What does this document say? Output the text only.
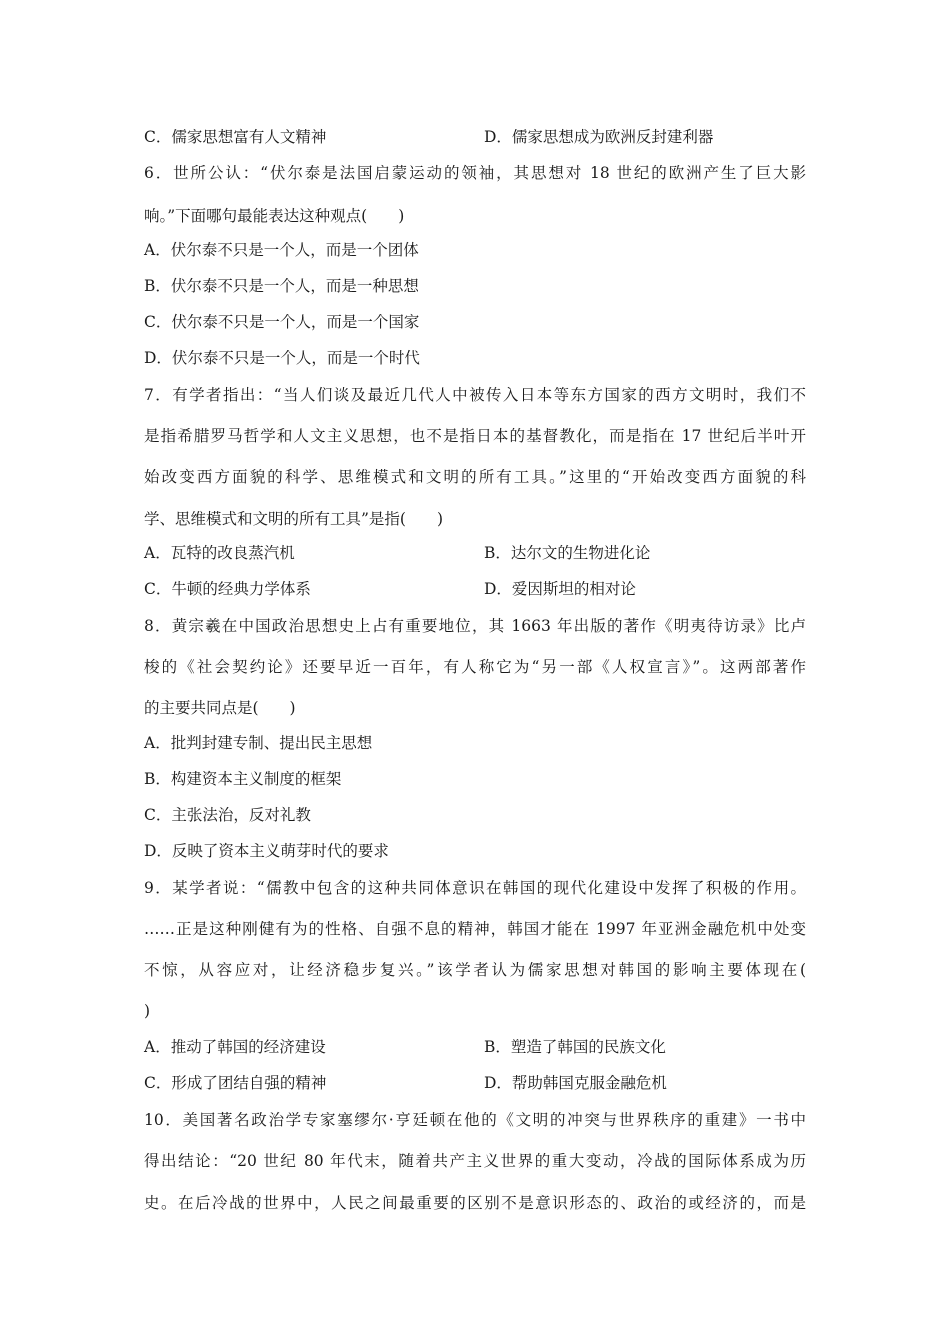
C．儒家思想富有人文精神	D．儒家思想成为欧洲反封建利器
6．世所公认：“伏尔泰是法国启蒙运动的领袖，其思想对 18 世纪的欧洲产生了巨大影
响。”下面哪句最能表达这种观点(　　)
A．伏尔泰不只是一个人，而是一个团体
B．伏尔泰不只是一个人，而是一种思想
C．伏尔泰不只是一个人，而是一个国家
D．伏尔泰不只是一个人，而是一个时代
7．有学者指出：“当人们谈及最近几代人中被传入日本等东方国家的西方文明时，我们不
是指希腊罗马哲学和人文主义思想，也不是指日本的基督教化，而是指在 17 世纪后半叶开
始改变西方面貌的科学、思维模式和文明的所有工具。”这里的“开始改变西方面貌的科
学、思维模式和文明的所有工具”是指(　　)
A．瓦特的改良蒸汽机	B．达尔文的生物进化论
C．牛顿的经典力学体系	D．爱因斯坦的相对论
8．黄宗羲在中国政治思想史上占有重要地位，其 1663 年出版的著作《明夷待访录》比卢
梭的《社会契约论》还要早近一百年，有人称它为“另一部《人权宣言》”。这两部著作
的主要共同点是(　　)
A．批判封建专制、提出民主思想
B．构建资本主义制度的框架
C．主张法治，反对礼教
D．反映了资本主义萌芽时代的要求
9．某学者说：“儒教中包含的这种共同体意识在韩国的现代化建设中发挥了积极的作用。
……正是这种刚健有为的性格、自强不息的精神，韩国才能在 1997 年亚洲金融危机中处变
不惊，从容应对，让经济稳步复兴。”该学者认为儒家思想对韩国的影响主要体现在(
)
A．推动了韩国的经济建设	B．塑造了韩国的民族文化
C．形成了团结自强的精神	D．帮助韩国克服金融危机
10．美国著名政治学专家塞缪尔·亨廷顿在他的《文明的冲突与世界秩序的重建》一书中
得出结论：“20 世纪 80 年代末，随着共产主义世界的重大变动，冷战的国际体系成为历
史。在后冷战的世界中，人民之间最重要的区别不是意识形态的、政治的或经济的，而是
